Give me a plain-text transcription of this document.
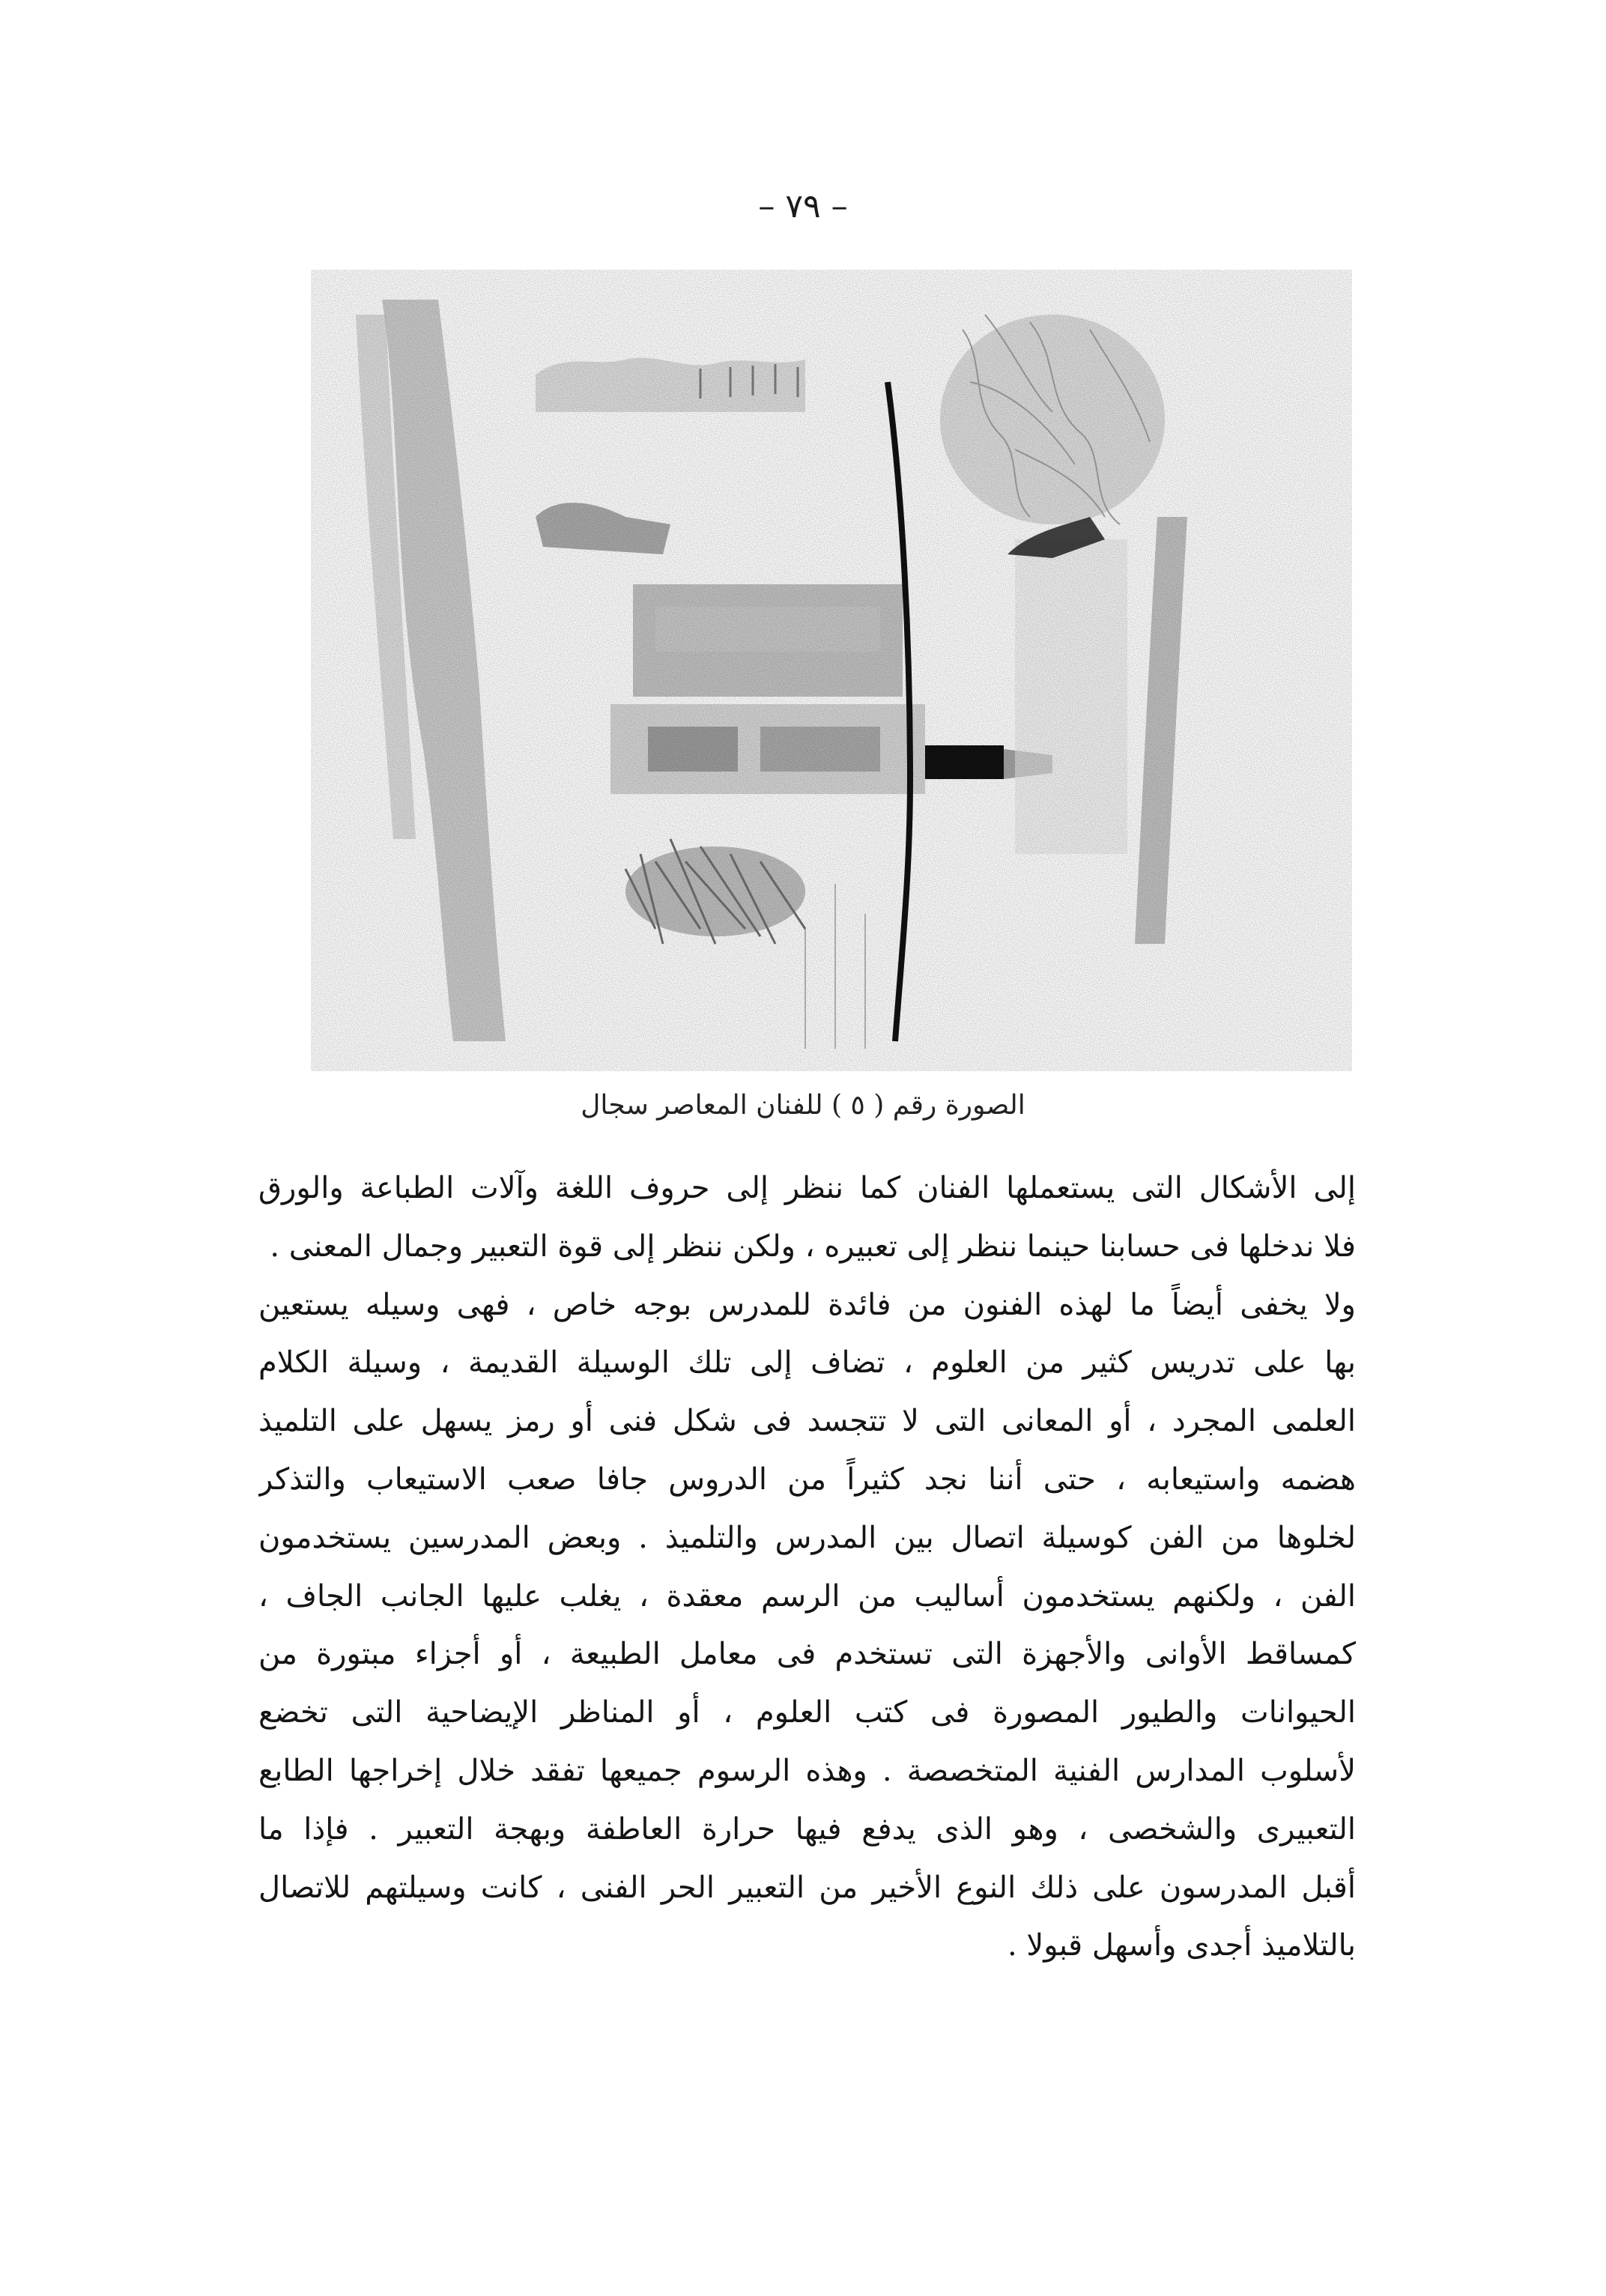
– ٧٩ –
الصورة رقم ( ٥ ) للفنان المعاصر سجال
إلى الأشكال التى يستعملها الفنان كما ننظر إلى حروف اللغة وآلات الطباعة والورق
فلا ندخلها فى حسابنا حينما ننظر إلى تعبيره ، ولكن ننظر إلى قوة التعبير وجمال المعنى .
ولا يخفى أيضاً ما لهذه الفنون من فائدة للمدرس بوجه خاص ، فهى وسيله يستعين
بها على تدريس كثير من العلوم ، تضاف إلى تلك الوسيلة القديمة ، وسيلة الكلام
العلمى المجرد ، أو المعانى التى لا تتجسد فى شكل فنى أو رمز يسهل على التلميذ
هضمه واستيعابه ، حتى أننا نجد كثيراً من الدروس جافا صعب الاستيعاب والتذكر
لخلوها من الفن كوسيلة اتصال بين المدرس والتلميذ . وبعض المدرسين يستخدمون
الفن ، ولكنهم يستخدمون أساليب من الرسم معقدة ، يغلب عليها الجانب الجاف ،
كمساقط الأوانى والأجهزة التى تستخدم فى معامل الطبيعة ، أو أجزاء مبتورة من
الحيوانات والطيور المصورة فى كتب العلوم ، أو المناظر الإيضاحية التى تخضع
لأسلوب المدارس الفنية المتخصصة . وهذه الرسوم جميعها تفقد خلال إخراجها الطابع
التعبيرى والشخصى ، وهو الذى يدفع فيها حرارة العاطفة وبهجة التعبير . فإذا ما
أقبل المدرسون على ذلك النوع الأخير من التعبير الحر الفنى ، كانت وسيلتهم للاتصال
بالتلاميذ أجدى وأسهل قبولا .
